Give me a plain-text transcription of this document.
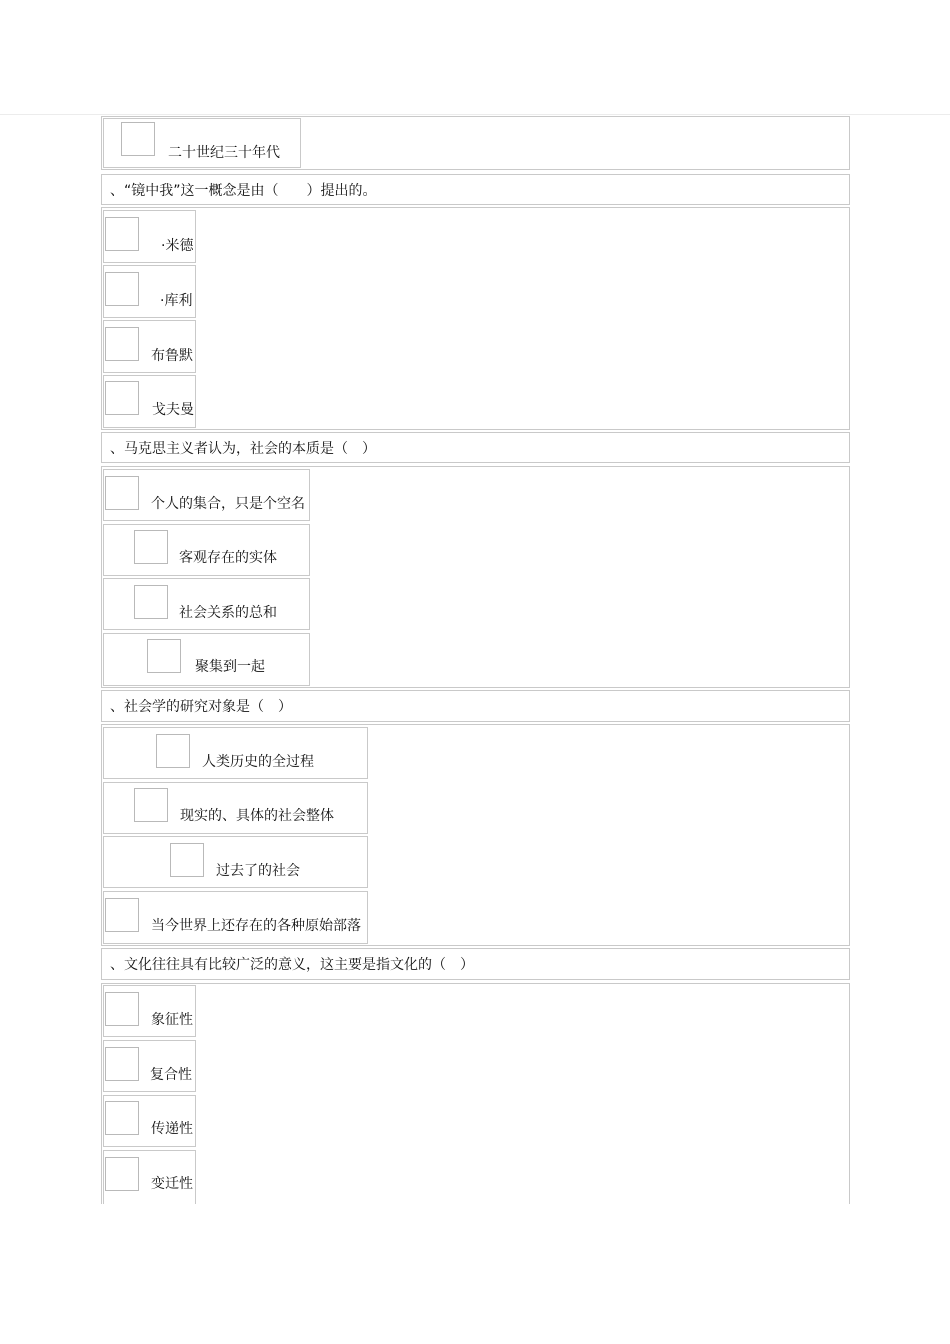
二十世纪三十年代
、“镜中我”这一概念是由（　　）提出的。
·米德
·库利
布鲁默
戈夫曼
、马克思主义者认为，社会的本质是（　）
个人的集合，只是个空名
客观存在的实体
社会关系的总和
聚集到一起
、社会学的研究对象是（　）
人类历史的全过程
现实的、具体的社会整体
过去了的社会
当今世界上还存在的各种原始部落
、文化往往具有比较广泛的意义，这主要是指文化的（　）
象征性
复合性
传递性
变迁性
